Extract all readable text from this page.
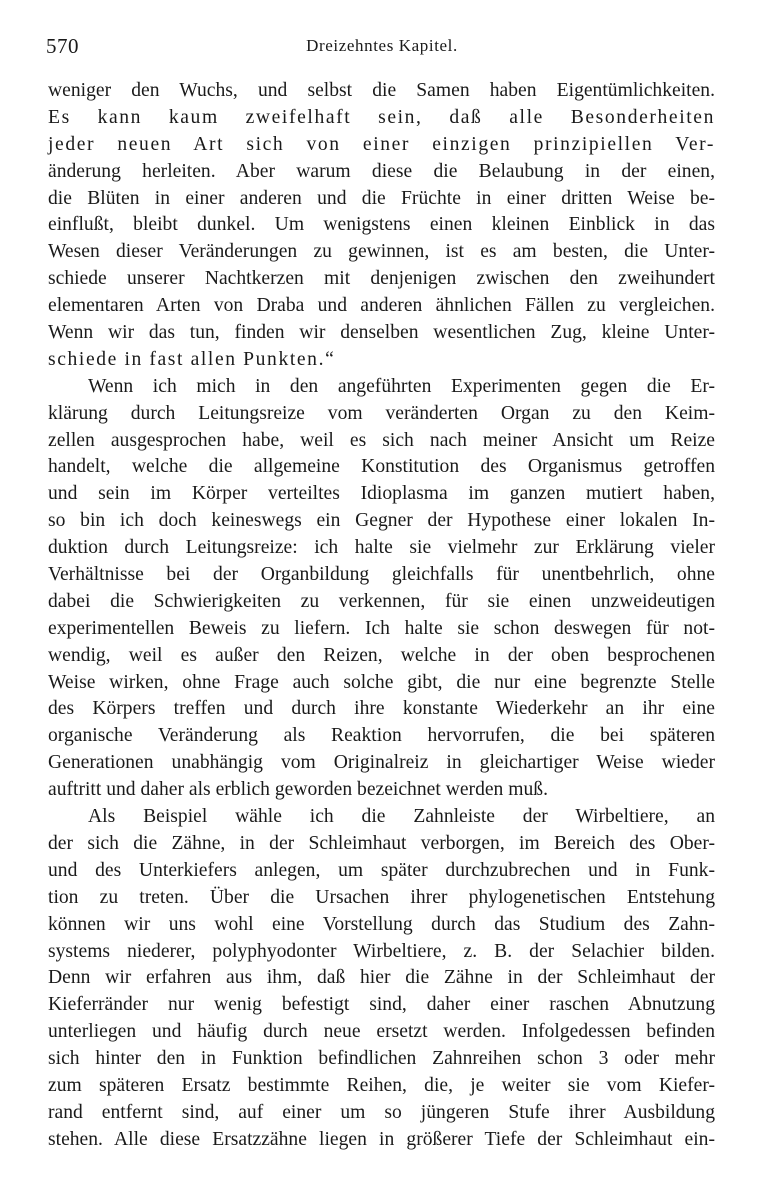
570	Dreizehntes Kapitel.
weniger den Wuchs, und selbst die Samen haben Eigentümlichkeiten.
Es kann kaum zweifelhaft sein, daß alle Besonderheiten
jeder neuen Art sich von einer einzigen prinzipiellen Ver-
änderung herleiten. Aber warum diese die Belaubung in der einen,
die Blüten in einer anderen und die Früchte in einer dritten Weise be-
einflußt, bleibt dunkel. Um wenigstens einen kleinen Einblick in das
Wesen dieser Veränderungen zu gewinnen, ist es am besten, die Unter-
schiede unserer Nachtkerzen mit denjenigen zwischen den zweihundert
elementaren Arten von Draba und anderen ähnlichen Fällen zu vergleichen.
Wenn wir das tun, finden wir denselben wesentlichen Zug, kleine Unter-
schiede in fast allen Punkten.“
Wenn ich mich in den angeführten Experimenten gegen die Er-
klärung durch Leitungsreize vom veränderten Organ zu den Keim-
zellen ausgesprochen habe, weil es sich nach meiner Ansicht um Reize
handelt, welche die allgemeine Konstitution des Organismus getroffen
und sein im Körper verteiltes Idioplasma im ganzen mutiert haben,
so bin ich doch keineswegs ein Gegner der Hypothese einer lokalen In-
duktion durch Leitungsreize: ich halte sie vielmehr zur Erklärung vieler
Verhältnisse bei der Organbildung gleichfalls für unentbehrlich, ohne
dabei die Schwierigkeiten zu verkennen, für sie einen unzweideutigen
experimentellen Beweis zu liefern. Ich halte sie schon deswegen für not-
wendig, weil es außer den Reizen, welche in der oben besprochenen
Weise wirken, ohne Frage auch solche gibt, die nur eine begrenzte Stelle
des Körpers treffen und durch ihre konstante Wiederkehr an ihr eine
organische Veränderung als Reaktion hervorrufen, die bei späteren
Generationen unabhängig vom Originalreiz in gleichartiger Weise wieder
auftritt und daher als erblich geworden bezeichnet werden muß.
Als Beispiel wähle ich die Zahnleiste der Wirbeltiere, an
der sich die Zähne, in der Schleimhaut verborgen, im Bereich des Ober-
und des Unterkiefers anlegen, um später durchzubrechen und in Funk-
tion zu treten. Über die Ursachen ihrer phylogenetischen Entstehung
können wir uns wohl eine Vorstellung durch das Studium des Zahn-
systems niederer, polyphyodonter Wirbeltiere, z. B. der Selachier bilden.
Denn wir erfahren aus ihm, daß hier die Zähne in der Schleimhaut der
Kieferränder nur wenig befestigt sind, daher einer raschen Abnutzung
unterliegen und häufig durch neue ersetzt werden. Infolgedessen befinden
sich hinter den in Funktion befindlichen Zahnreihen schon 3 oder mehr
zum späteren Ersatz bestimmte Reihen, die, je weiter sie vom Kiefer-
rand entfernt sind, auf einer um so jüngeren Stufe ihrer Ausbildung
stehen. Alle diese Ersatzzähne liegen in größerer Tiefe der Schleimhaut ein-
